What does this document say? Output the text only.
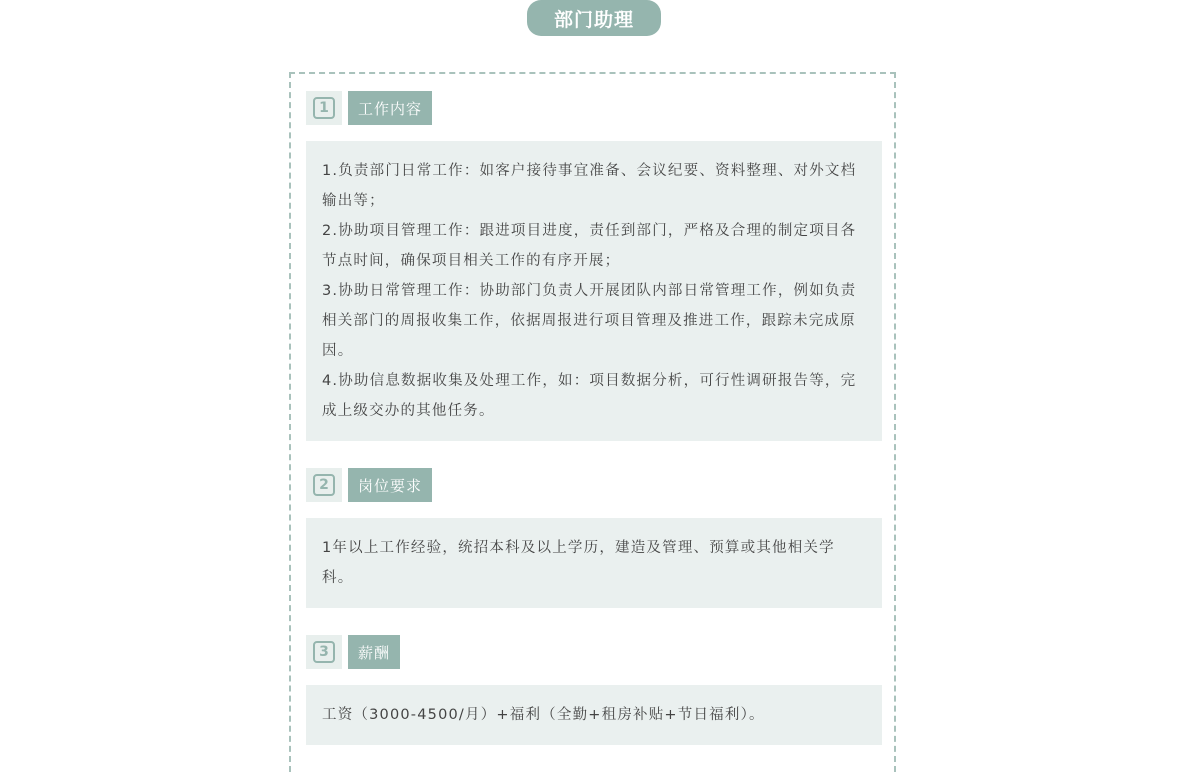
部门助理
1	工作内容

1.负责部门日常工作：如客户接待事宜准备、会议纪要、资料整理、对外文档输出等；

2.协助项目管理工作：跟进项目进度，责任到部门，严格及合理的制定项目各节点时间，确保项目相关工作的有序开展；

3.协助日常管理工作：协助部门负责人开展团队内部日常管理工作，例如负责相关部门的周报收集工作，依据周报进行项目管理及推进工作，跟踪未完成原因。

4.协助信息数据收集及处理工作，如：项目数据分析，可行性调研报告等，完成上级交办的其他任务。

2	岗位要求

1年以上工作经验，统招本科及以上学历，建造及管理、预算或其他相关学科。

3	薪酬

工资（3000-4500/月）+福利（全勤+租房补贴+节日福利）。
